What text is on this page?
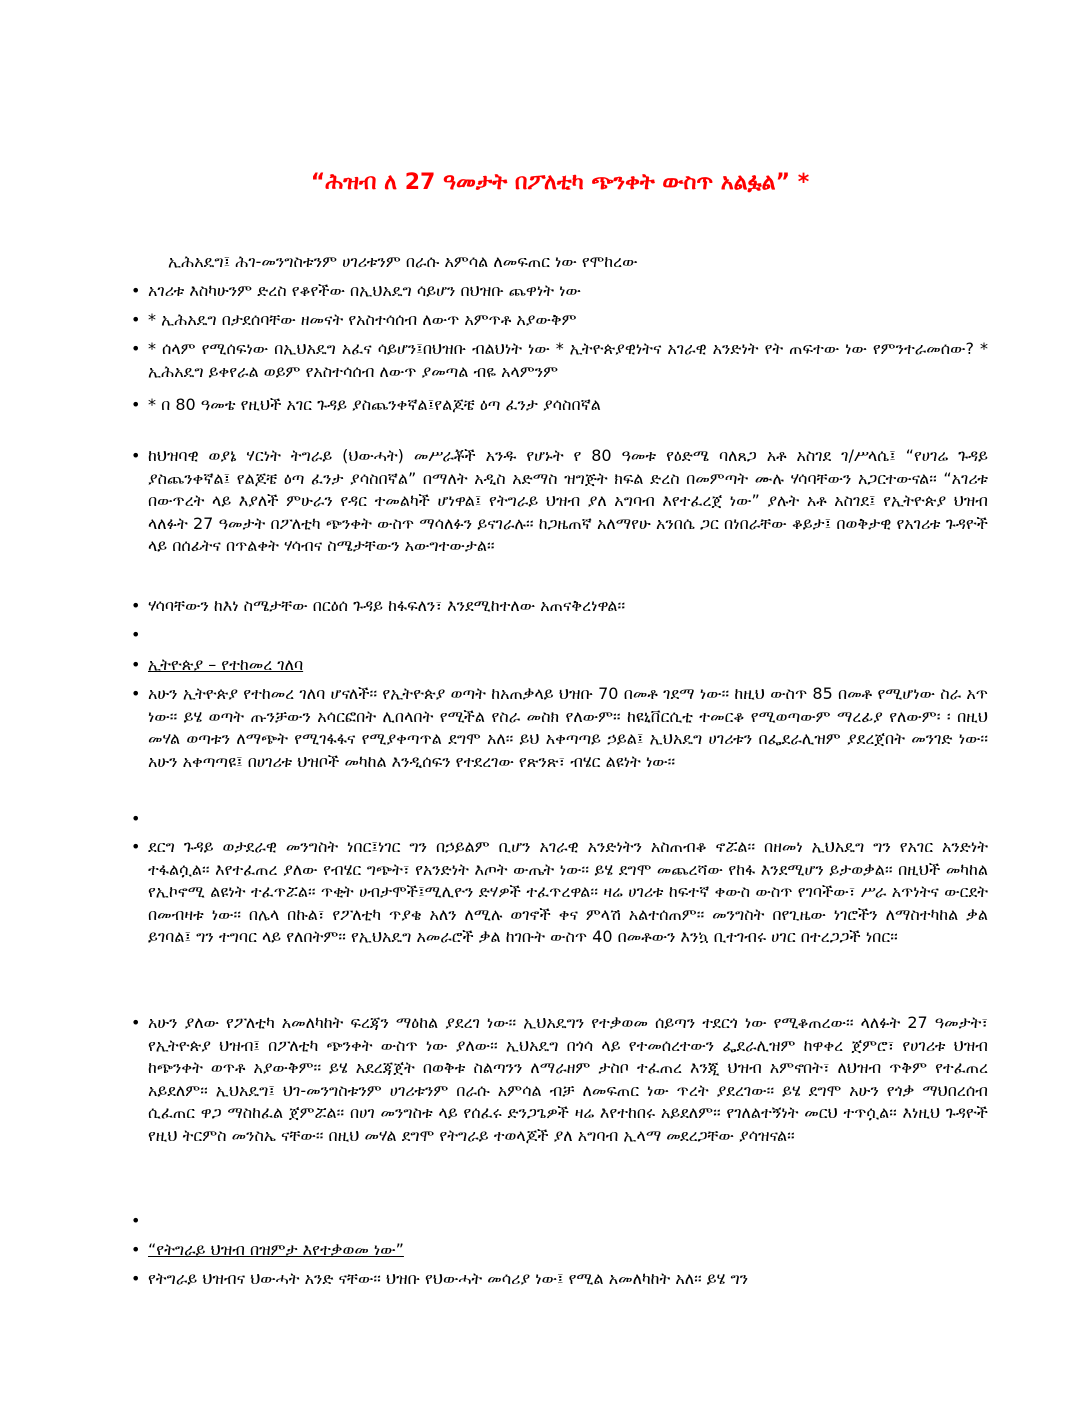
“ሕዝብ ለ 27 ዓመታት በፖለቲካ ጭንቀት ውስጥ አልፏል” *
ኢሕአዴግ፤ ሕገ-መንግስቱንም ሀገሪቱንም በራሱ አምሳል ለመፍጠር ነው የሞከረው
• አገሪቱ እስካሁንም ድረስ የቆየችው በኢህአዴግ ሳይሆን በህዝቡ ጨዋነት ነው
• * ኢሕአዴግ በታደሰባቸው ዘመናት የአስተሳሰብ ለውጥ አምጥቶ አያውቅም
• * ሰላም የሚሰፍነው በኢህአዴግ አፈና ሳይሆን፤በህዝቡ ብልህነት ነው * ኢትዮጵያዊነትና አገራዊ አንድነት የት ጠፍተው ነው የምንተራመሰው? * ኢሕአዴግ ይቀየራል ወይም የአስተሳሰብ ለውጥ ያመጣል ብዬ አላምንም
• * በ 80 ዓመቴ የዚህች አገር ጉዳይ ያስጨንቀኛል፤የልጆቼ ዕጣ ፈንታ ያሳስበኛል
• ከህዝባዊ ወያኔ ሃርነት ትግራይ (ህውሓት) መሥራቾች አንዱ የሆኑት የ 80 ዓመቱ የዕድሜ ባለጸጋ አቶ አስገደ ገ/ሥላሴ፤ “የሀገሬ ጉዳይ ያስጨንቀኛል፤ የልጆቼ ዕጣ ፈንታ ያሳስበኛል” በማለት አዲስ አድማስ ዝግጅት ክፍል ድረስ በመምጣት ሙሉ ሃሳባቸውን አጋርተውናል፡፡ “አገሪቱ በውጥረት ላይ እያለች ምሁራን የዳር ተመልካች ሆነዋል፤ የትግራይ ህዝብ ያለ አግባብ እየተፈረጀ ነው” ያሉት አቶ አስገደ፤ የኢትዮጵያ ህዝብ ላለፉት 27 ዓመታት በፖለቲካ ጭንቀት ውስጥ ማሳለፉን ይናገራሉ፡፡ ከጋዜጠኛ አለማየሁ አንበሴ ጋር በነበራቸው ቆይታ፤ በወቅታዊ የአገሪቱ ጉዳዮች ላይ በሰፊትና በጥልቀት ሃሳብና ስሜታቸውን አውግተውታል፡፡
• ሃሳባቸውን ከእነ ስሜታቸው በርዕሰ ጉዳይ ከፋፍለን፣ እንደሚከተለው አጠናቅረነዋል፡፡
•
• ኢትዮጵያ – የተከመረ ገለባ
• አሁን ኢትዮጵያ የተከመረ ገለባ ሆናለች፡፡ የኢትዮጵያ ወጣት ከአጠቃላይ ህዝቡ 70 በመቶ ገደማ ነው፡፡ ከዚህ ውስጥ 85 በመቶ የሚሆነው ስራ አጥ ነው፡፡ ይሄ ወጣት ጡንቻውን አሳርፎበት ሊበላበት የሚችል የስራ መስክ የለውም፡፡ ከዩኒቨርሲቲ ተመርቆ የሚወጣውም ማረፊያ የለውም፡ ፡ በዚህ መሃል ወጣቱን ለማጭት የሚገፋፋና የሚያቀጣጥል ደግሞ አለ፡፡ ይህ አቀጣጣይ ኃይል፤ ኢህአዴግ ሀገሪቱን በፌደራሊዝም ያደረጀበት መንገድ ነው፡፡ አሁን አቀጣጣዩ፤ በሀገሪቱ ህዝቦች መካከል እንዲሰፍን የተደረገው የጽንጽ፣ ብሄር ልዩነት ነው፡፡
•
• ደርግ ጉዳይ ወታደራዊ መንግስት ነበር፤ነገር ግን በኃይልም ቢሆን አገራዊ አንድነትን አስጠብቆ ኖሯል፡፡ በዘመነ ኢህአዴግ ግን የአገር አንድነት ተፋልሷል፡፡ እየተፈጠረ ያለው የብሄር ግጭት፣ የአንድነት እጦት ውጤት ነው፡፡ ይሄ ደግሞ መጨረሻው የከፋ እንደሚሆን ይታወቃል፡፡ በዚህች መካከል የኢኮኖሚ ልዩነት ተፈጥሯል፡፡ ጥቂት ሀብታሞች፤ሚሊዮን ድሃዎች ተፈጥረዋል፡፡ ዛሬ ሀገሪቱ ከፍተኛ ቀውስ ውስጥ የገባችው፣ ሥራ አጥነትና ውርደት በመብዛቱ ነው፡፡ በሌላ በኩል፣ የፖለቲካ ጥያቄ አለን ለሚሉ ወገኖች ቀና ምላሽ አልተሰጠም፡፡ መንግስት በየጊዜው ነገሮችን ለማስተካከል ቃል ይገባል፤ ግን ተግባር ላይ የለበትም፡፡ የኢህአዴግ አመራሮች ቃል ከገቡት ውስጥ 40 በመቶውን እንኳ ቢተገብሩ ሀገር በተረጋጋች ነበር፡፡
• አሁን ያለው የፖለቲካ አመለካከት ፍረጃን ማዕከል ያደረገ ነው፡፡ ኢህአዴግን የተቃወመ ሰይጣን ተደርጎ ነው የሚቆጠረው፡፡ ላለፉት 27 ዓመታት፣ የኢትዮጵያ ህዝብ፤ በፖለቲካ ጭንቀት ውስጥ ነው ያለው፡፡ ኢህአዴግ በጎሳ ላይ የተመሰረተውን ፌደራሊዝም ከዋቀረ ጀምሮ፣ የሀገሪቱ ህዝብ ከጭንቀት ወጥቶ አያውቅም፡፡ ይሄ አደረጃጀት በወቅቱ ስልጣንን ለማራዘም ታስቦ ተፈጠረ እንጂ ህዝብ አምኖበት፣ ለህዝብ ጥቅም የተፈጠረ አይደለም፡፡ ኢህአዴግ፤ ህገ-መንግስቱንም ሀገሪቱንም በራሱ አምሳል ብቻ ለመፍጠር ነው ጥረት ያደረገው፡፡ ይሄ ደግሞ አሁን የጎቃ ማህበረሰብ ሲፈጠር ዋጋ ማስከፈል ጀምሯል፡፡ በሀገ መንግስቱ ላይ የሰፈሩ ድንጋጌዎች ዛሬ እየተከበሩ አይደለም፡፡ የገለልተኝነት መርህ ተጥሷል፡፡ እነዚህ ጉዳዮች የዚህ ትርምስ መንስኤ ናቸው፡፡ በዚህ መሃል ደግሞ የትግራይ ተወላጆች ያለ አግባብ ኢላማ መደረጋቸው ያሳዝናል፡፡
•
• “የትግራይ ህዝብ በዝምታ እየተቃወመ ነው”
• የትግራይ ህዝብና ህውሓት አንድ ናቸው፡፡ ህዝቡ የህውሓት መሳሪያ ነው፤ የሚል አመለካከት አለ፡፡ ይሄ ግን
